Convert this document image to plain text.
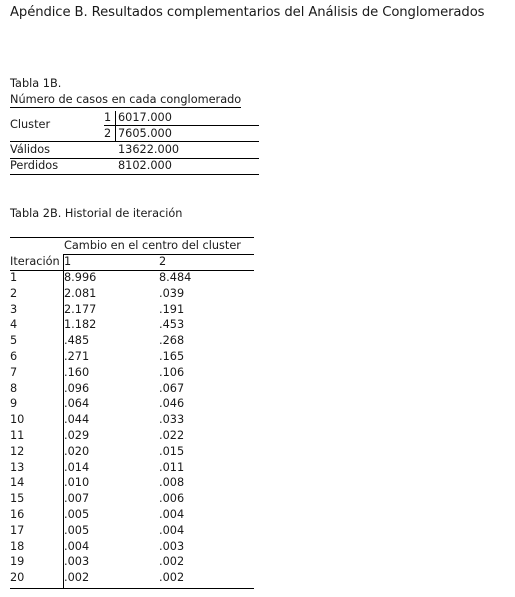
Apéndice B. Resultados complementarios del Análisis de Conglomerados
Tabla 1B.
Número de casos en cada conglomerado
Cluster
1 6017.000
2 7605.000
Válidos	13622.000
Perdidos	8102.000
Tabla 2B. Historial de iteración
Cambio en el centro del cluster
Iteración 1	2
1	8.996	8.484
2	2.081	.039
3	2.177	.191
4	1.182	.453
5	.485	.268
6	.271	.165
7	.160	.106
8	.096	.067
9	.064	.046
10	.044	.033
11	.029	.022
12	.020	.015
13	.014	.011
14	.010	.008
15	.007	.006
16	.005	.004
17	.005	.004
18	.004	.003
19	.003	.002
20	.002	.002
